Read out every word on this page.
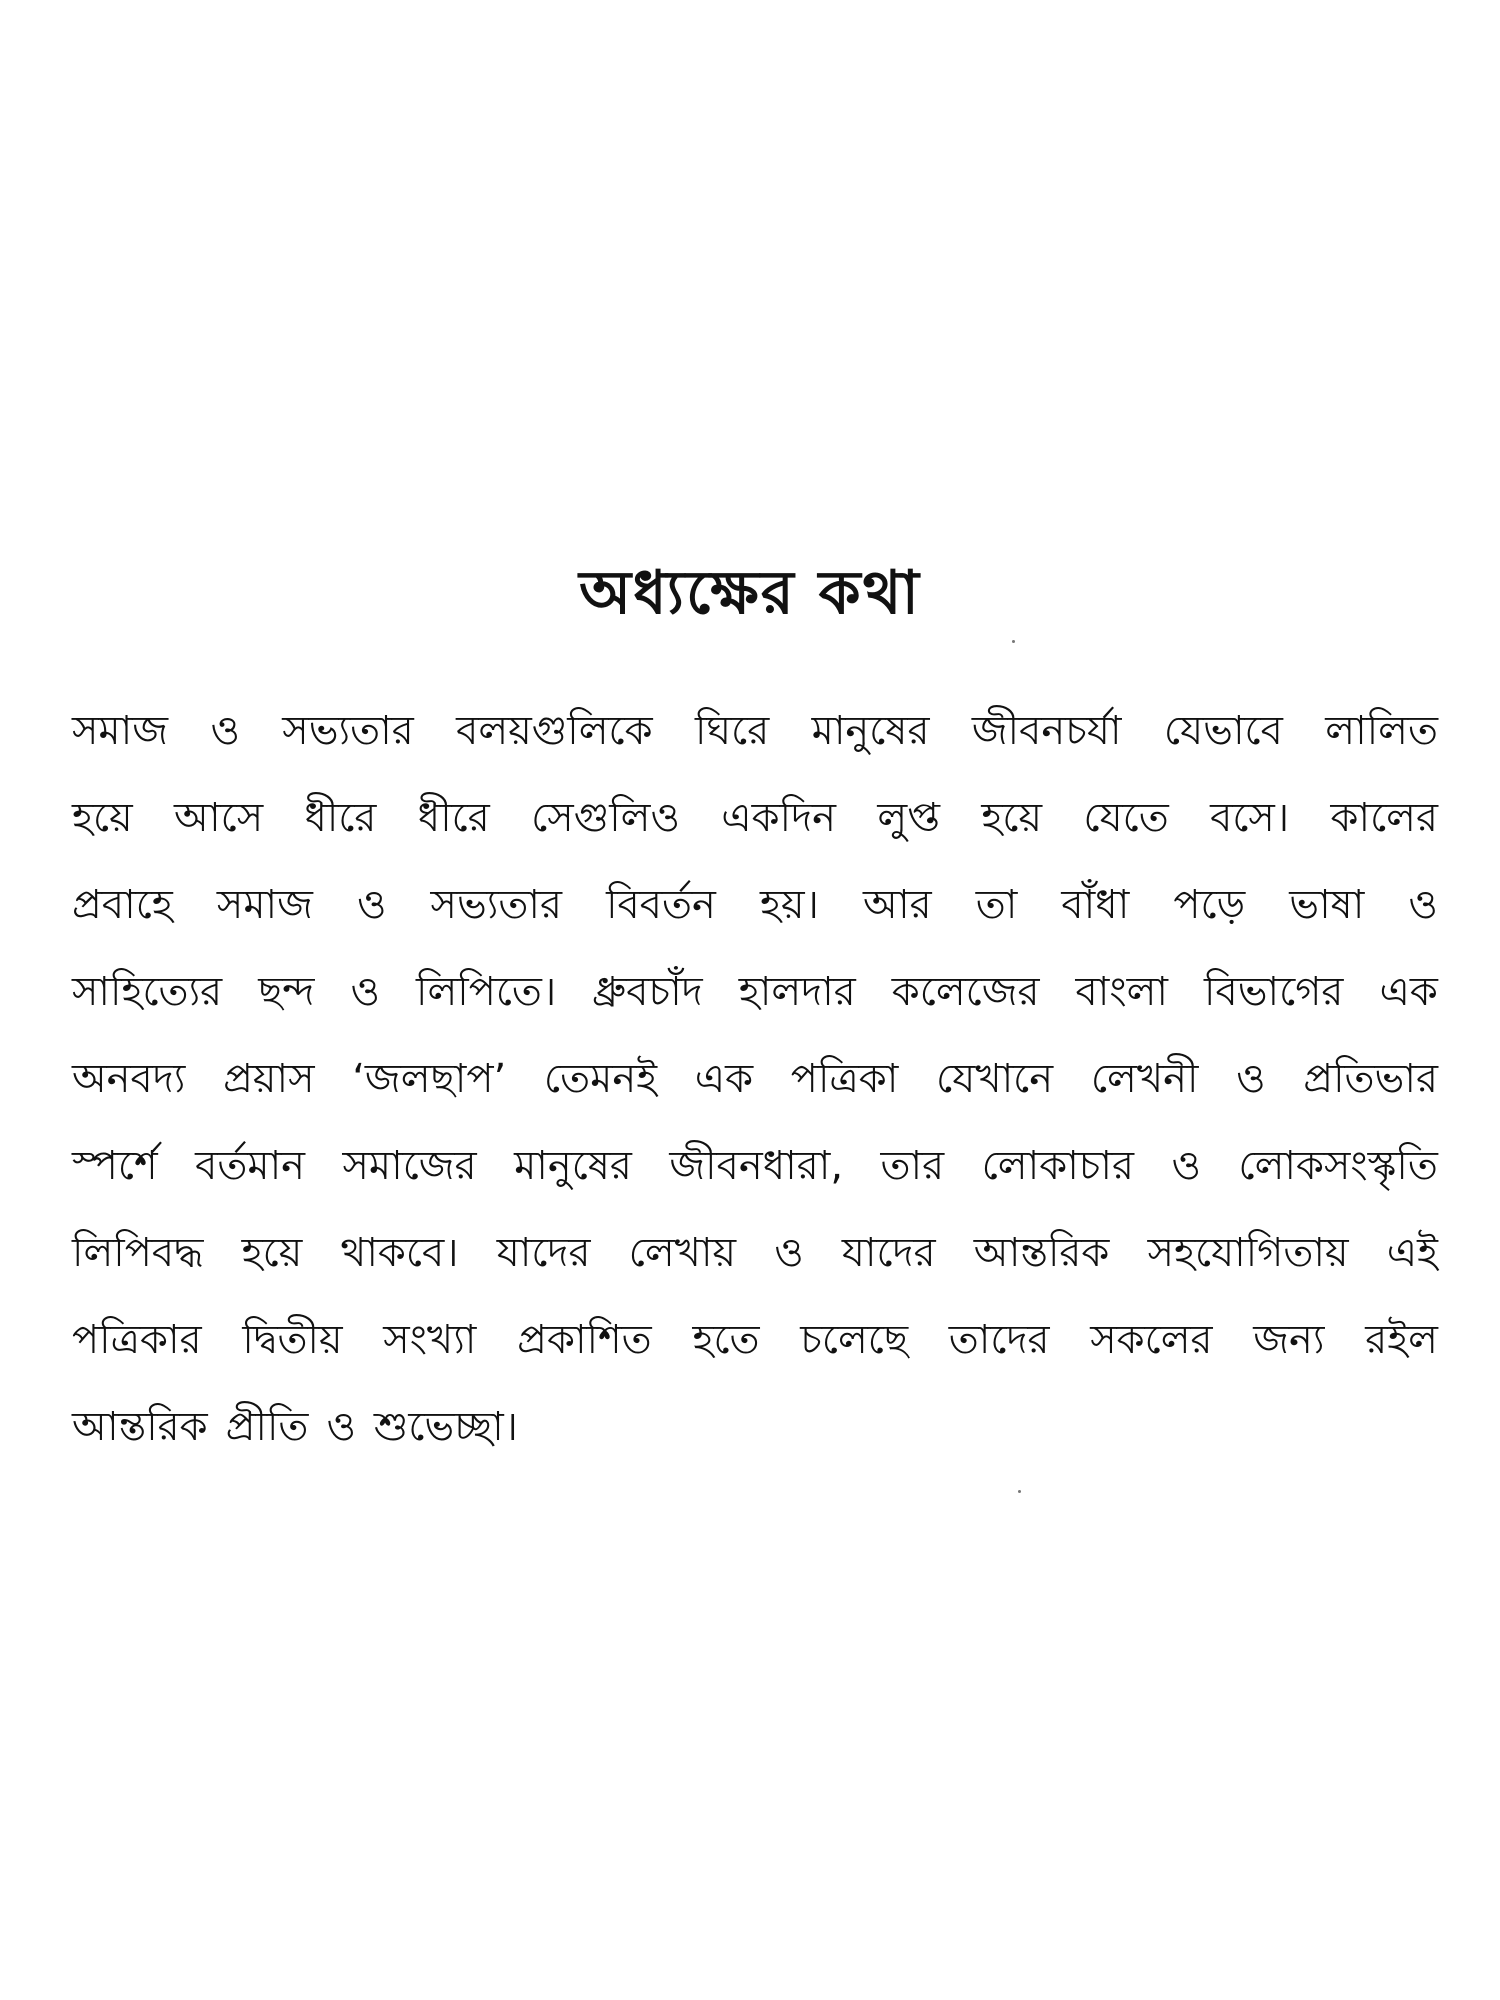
অধ্যক্ষের কথা
সমাজ ও সভ্যতার বলয়গুলিকে ঘিরে মানুষের জীবনচর্যা যেভাবে লালিত
হয়ে আসে ধীরে ধীরে সেগুলিও একদিন লুপ্ত হয়ে যেতে বসে। কালের
প্রবাহে সমাজ ও সভ্যতার বিবর্তন হয়। আর তা বাঁধা পড়ে ভাষা ও
সাহিত্যের ছন্দ ও লিপিতে। ধ্রুবচাঁদ হালদার কলেজের বাংলা বিভাগের এক
অনবদ্য প্রয়াস ‘জলছাপ’ তেমনই এক পত্রিকা যেখানে লেখনী ও প্রতিভার
স্পর্শে বর্তমান সমাজের মানুষের জীবনধারা, তার লোকাচার ও লোকসংস্কৃতি
লিপিবদ্ধ হয়ে থাকবে। যাদের লেখায় ও যাদের আন্তরিক সহযোগিতায় এই
পত্রিকার দ্বিতীয় সংখ্যা প্রকাশিত হতে চলেছে তাদের সকলের জন্য রইল
আন্তরিক প্রীতি ও শুভেচ্ছা।
